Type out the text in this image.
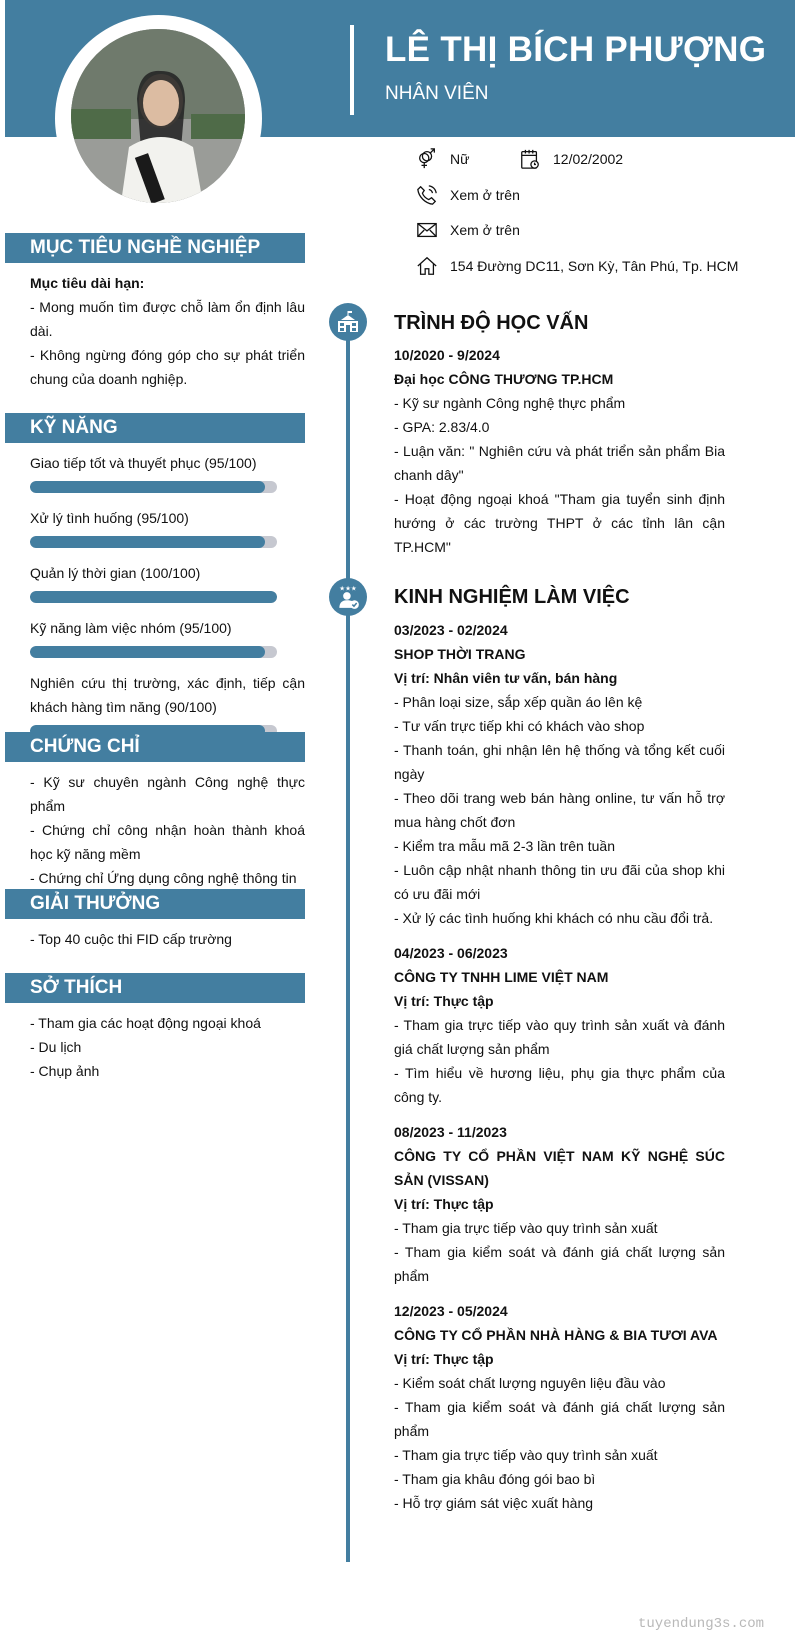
LÊ THỊ BÍCH PHƯỢNG
NHÂN VIÊN
Nữ	12/02/2002
Xem ở trên
Xem ở trên
154 Đường DC11, Sơn Kỳ, Tân Phú, Tp. HCM
MỤC TIÊU NGHỀ NGHIỆP
Mục tiêu dài hạn:
- Mong muốn tìm được chỗ làm ổn định lâu dài.
- Không ngừng đóng góp cho sự phát triển chung của doanh nghiệp.
KỸ NĂNG
Giao tiếp tốt và thuyết phục (95/100)
Xử lý tình huống (95/100)
Quản lý thời gian (100/100)
Kỹ năng làm việc nhóm (95/100)
Nghiên cứu thị trường, xác định, tiếp cận khách hàng tìm năng (90/100)
CHỨNG CHỈ
- Kỹ sư chuyên ngành Công nghệ thực phẩm
- Chứng chỉ công nhận hoàn thành khoá học kỹ năng mềm
- Chứng chỉ Ứng dụng công nghệ thông tin
GIẢI THƯỞNG
- Top 40 cuộc thi FID cấp trường
SỞ THÍCH
- Tham gia các hoạt động ngoại khoá
- Du lịch
- Chụp ảnh
★★★
TRÌNH ĐỘ HỌC VẤN
10/2020 - 9/2024
Đại học CÔNG THƯƠNG TP.HCM
- Kỹ sư ngành Công nghệ thực phẩm
- GPA: 2.83/4.0
- Luận văn: " Nghiên cứu và phát triển sản phẩm Bia chanh dây"
- Hoạt động ngoại khoá "Tham gia tuyển sinh định hướng ở các trường THPT ở các tỉnh lân cận TP.HCM"
KINH NGHIỆM LÀM VIỆC
03/2023 - 02/2024
SHOP THỜI TRANG
Vị trí: Nhân viên tư vấn, bán hàng
- Phân loại size, sắp xếp quần áo lên kệ
- Tư vấn trực tiếp khi có khách vào shop
- Thanh toán, ghi nhận lên hệ thống và tổng kết cuối ngày
- Theo dõi trang web bán hàng online, tư vấn hỗ trợ mua hàng chốt đơn
- Kiểm tra mẫu mã 2-3 lần trên tuần
- Luôn cập nhật nhanh thông tin ưu đãi của shop khi có ưu đãi mới
- Xử lý các tình huống khi khách có nhu cầu đổi trả.
04/2023 - 06/2023
CÔNG TY TNHH LIME VIỆT NAM
Vị trí: Thực tập
- Tham gia trực tiếp vào quy trình sản xuất và đánh giá chất lượng sản phẩm
- Tìm hiểu về hương liệu, phụ gia thực phẩm của công ty.
08/2023 - 11/2023
CÔNG TY CỔ PHẦN VIỆT NAM KỸ NGHỆ SÚC SẢN (VISSAN)
Vị trí: Thực tập
- Tham gia trực tiếp vào quy trình sản xuất
- Tham gia kiểm soát và đánh giá chất lượng sản phẩm
12/2023 - 05/2024
CÔNG TY CỔ PHẦN NHÀ HÀNG & BIA TƯƠI AVA
Vị trí: Thực tập
- Kiểm soát chất lượng nguyên liệu đầu vào
- Tham gia kiểm soát và đánh giá chất lượng sản phẩm
- Tham gia trực tiếp vào quy trình sản xuất
- Tham gia khâu đóng gói bao bì
- Hỗ trợ giám sát việc xuất hàng
tuyendung3s.com
